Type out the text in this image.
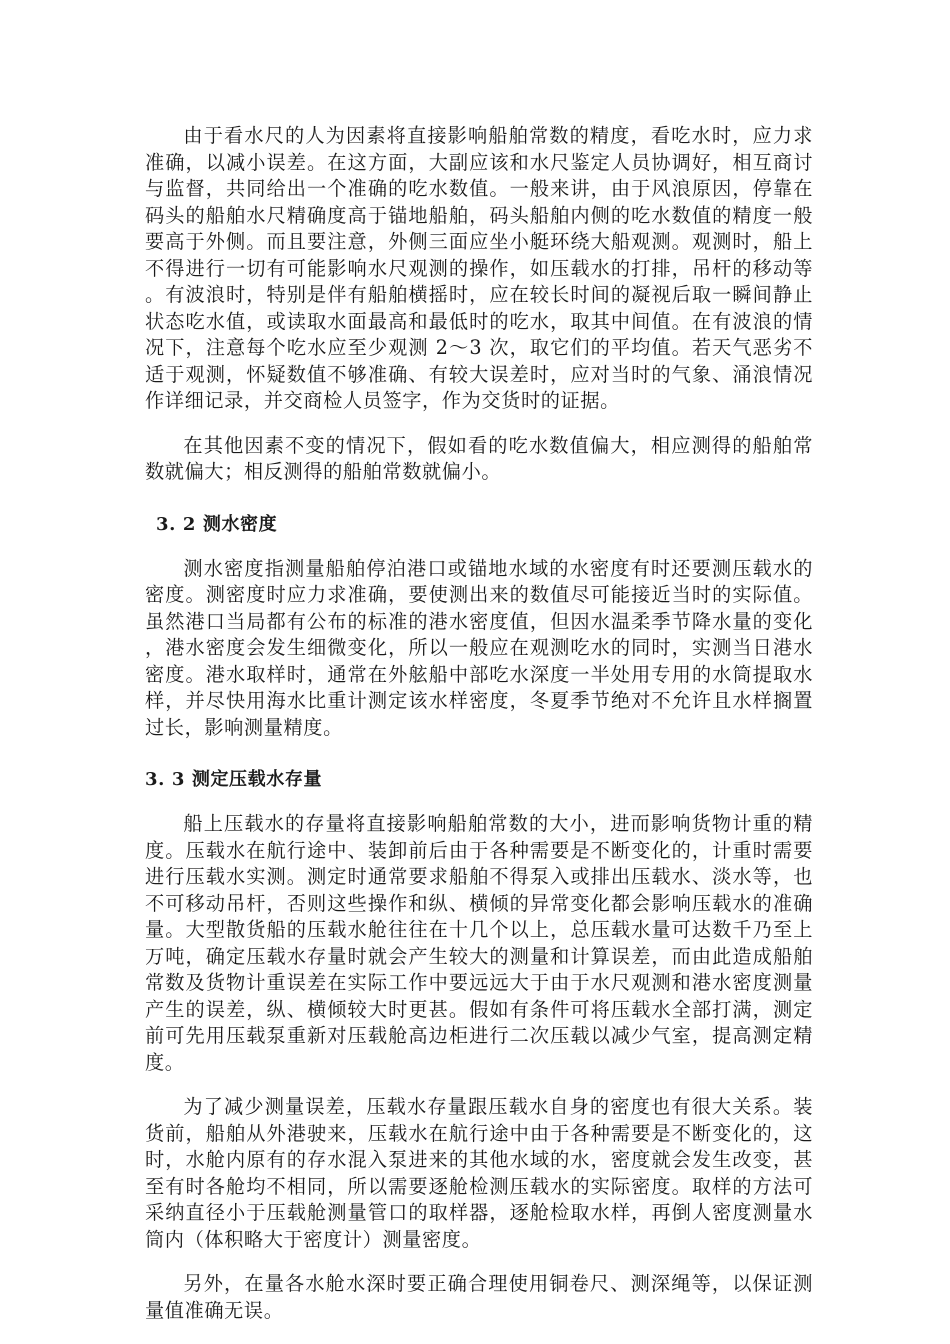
由于看水尺的人为因素将直接影响船舶常数的精度，看吃水时，应力求准确，以减小误差。在这方面，大副应该和水尺鉴定人员协调好，相互商讨与监督，共同给出一个准确的吃水数值。一般来讲，由于风浪原因，停靠在码头的船舶水尺精确度高于锚地船舶，码头船舶内侧的吃水数值的精度一般要高于外侧。而且要注意，外侧三面应坐小艇环绕大船观测。观测时，船上不得进行一切有可能影响水尺观测的操作，如压载水的打排，吊杆的移动等。有波浪时，特别是伴有船舶横摇时，应在较长时间的凝视后取一瞬间静止状态吃水值，或读取水面最高和最低时的吃水，取其中间值。在有波浪的情况下，注意每个吃水应至少观测 2～3 次，取它们的平均值。若天气恶劣不适于观测，怀疑数值不够准确、有较大误差时，应对当时的气象、涌浪情况作详细记录，并交商检人员签字，作为交货时的证据。

在其他因素不变的情况下，假如看的吃水数值偏大，相应测得的船舶常数就偏大；相反测得的船舶常数就偏小。

3. 2 测水密度

测水密度指测量船舶停泊港口或锚地水域的水密度有时还要测压载水的密度。测密度时应力求准确，要使测出来的数值尽可能接近当时的实际值。虽然港口当局都有公布的标准的港水密度值，但因水温柔季节降水量的变化，港水密度会发生细微变化，所以一般应在观测吃水的同时，实测当日港水密度。港水取样时，通常在外舷船中部吃水深度一半处用专用的水筒提取水样，并尽快用海水比重计测定该水样密度，冬夏季节绝对不允许且水样搁置过长，影响测量精度。

3. 3 测定压载水存量

船上压载水的存量将直接影响船舶常数的大小，进而影响货物计重的精度。压载水在航行途中、装卸前后由于各种需要是不断变化的，计重时需要进行压载水实测。测定时通常要求船舶不得泵入或排出压载水、淡水等，也不可移动吊杆，否则这些操作和纵、横倾的异常变化都会影响压载水的准确量。大型散货船的压载水舱往往在十几个以上，总压载水量可达数千乃至上万吨，确定压载水存量时就会产生较大的测量和计算误差，而由此造成船舶常数及货物计重误差在实际工作中要远远大于由于水尺观测和港水密度测量产生的误差，纵、横倾较大时更甚。假如有条件可将压载水全部打满，测定前可先用压载泵重新对压载舱高边柜进行二次压载以减少气室，提高测定精度。

为了减少测量误差，压载水存量跟压载水自身的密度也有很大关系。装货前，船舶从外港驶来，压载水在航行途中由于各种需要是不断变化的，这时，水舱内原有的存水混入泵进来的其他水域的水，密度就会发生改变，甚至有时各舱均不相同，所以需要逐舱检测压载水的实际密度。取样的方法可采纳直径小于压载舱测量管口的取样器，逐舱检取水样，再倒人密度测量水筒内（体积略大于密度计）测量密度。

另外，在量各水舱水深时要正确合理使用铜卷尺、测深绳等，以保证测量值准确无误。
